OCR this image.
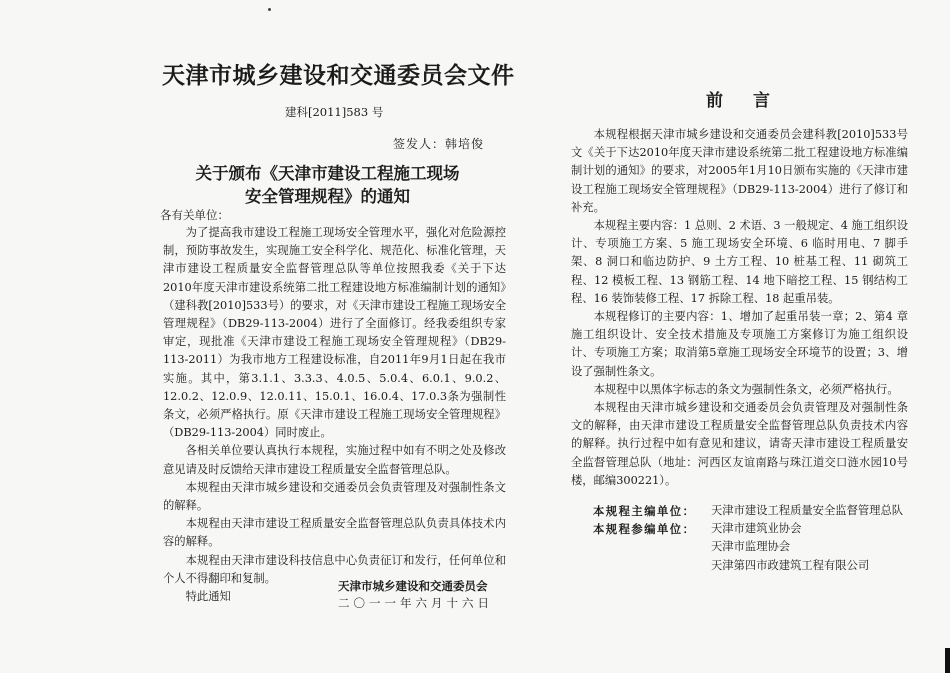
天津市城乡建设和交通委员会文件
建科[2011]583 号
签发人：韩培俊
关于颁布《天津市建设工程施工现场
安全管理规程》的通知
各有关单位：

为了提高我市建设工程施工现场安全管理水平，强化对危险源控制，预防事故发生，实现施工安全科学化、规范化、标准化管理，天津市建设工程质量安全监督管理总队等单位按照我委《关于下达2010年度天津市建设系统第二批工程建设地方标准编制计划的通知》（建科教[2010]533号）的要求，对《天津市建设工程施工现场安全管理规程》（DB29-113-2004）进行了全面修订。经我委组织专家审定，现批准《天津市建设工程施工现场安全管理规程》（DB29-113-2011）为我市地方工程建设标准，自2011年9月1日起在我市实施。其中，第3.1.1、3.3.3、4.0.5、5.0.4、6.0.1、9.0.2、12.0.2、12.0.9、12.0.11、15.0.1、16.0.4、17.0.3条为强制性条文，必须严格执行。原《天津市建设工程施工现场安全管理规程》（DB29-113-2004）同时废止。

各相关单位要认真执行本规程，实施过程中如有不明之处及修改意见请及时反馈给天津市建设工程质量安全监督管理总队。

本规程由天津市城乡建设和交通委员会负责管理及对强制性条文的解释。

本规程由天津市建设工程质量安全监督管理总队负责具体技术内容的解释。

本规程由天津市建设科技信息中心负责征订和发行，任何单位和个人不得翻印和复制。

特此通知

天津市城乡建设和交通委员会
二〇一一年六月十六日
前言

本规程根据天津市城乡建设和交通委员会建科教[2010]533号文《关于下达2010年度天津市建设系统第二批工程建设地方标准编制计划的通知》的要求，对2005年1月10日颁布实施的《天津市建设工程施工现场安全管理规程》（DB29-113-2004）进行了修订和补充。

本规程主要内容：1 总则、2 术语、3 一般规定、4 施工组织设计、专项施工方案、5 施工现场安全环境、6 临时用电、7 脚手架、8 洞口和临边防护、9 土方工程、10 桩基工程、11 砌筑工程、12 模板工程、13 钢筋工程、14 地下暗挖工程、15 钢结构工程、16 装饰装修工程、17 拆除工程、18 起重吊装。

本规程修订的主要内容：1、增加了起重吊装一章；2、第4 章施工组织设计、安全技术措施及专项施工方案修订为施工组织设计、专项施工方案；取消第5章施工现场安全环境节的设置；3、增设了强制性条文。

本规程中以黑体字标志的条文为强制性条文，必须严格执行。

本规程由天津市城乡建设和交通委员会负责管理及对强制性条文的解释，由天津市建设工程质量安全监督管理总队负责技术内容的解释。执行过程中如有意见和建议，请寄天津市建设工程质量安全监督管理总队（地址：河西区友谊南路与珠江道交口涟水园10号楼，邮编300221）。

本规程主编单位：	天津市建设工程质量安全监督管理总队
本规程参编单位：	天津市建筑业协会
天津市监理协会
天津第四市政建筑工程有限公司
